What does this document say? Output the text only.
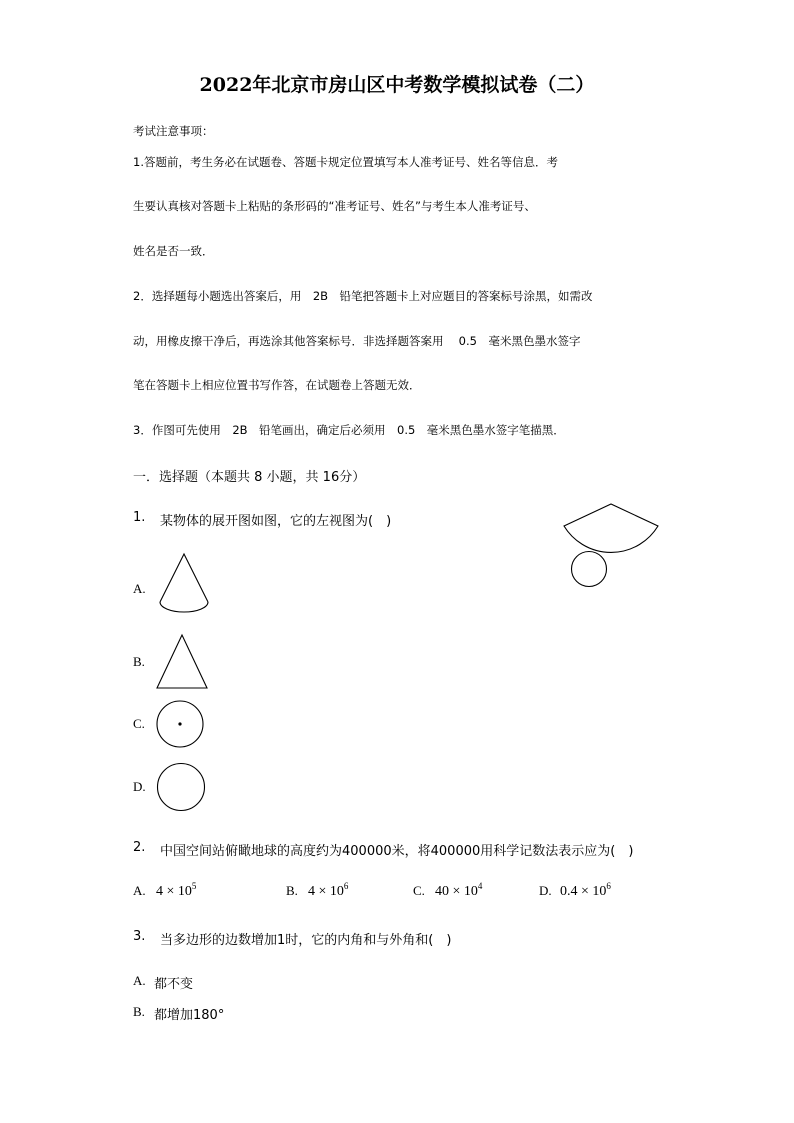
2022年北京市房山区中考数学模拟试卷（二）
考试注意事项：
1.答题前，考生务必在试题卷、答题卡规定位置填写本人准考证号、姓名等信息．考
生要认真核对答题卡上粘贴的条形码的“准考证号、姓名”与考生本人准考证号、
姓名是否一致．
2．选择题每小题选出答案后，用　2B　铅笔把答题卡上对应题目的答案标号涂黑，如需改
动，用橡皮擦干净后，再选涂其他答案标号．非选择题答案用　 0.5　毫米黑色墨水签字
笔在答题卡上相应位置书写作答，在试题卷上答题无效．
3．作图可先使用　2B　铅笔画出，确定后必须用　0.5　毫米黑色墨水签字笔描黑．
一．选择题（本题共 8 小题，共 16分）
1. 某物体的展开图如图，它的左视图为(　)
A.
B.
C.
D.
2. 中国空间站俯瞰地球的高度约为400000米，将400000用科学记数法表示应为(　)
A. $4 \times 10^5$	B. $4 \times 10^6$	C. $40 \times 10^4$	D. $0.4 \times 10^6$
3. 当多边形的边数增加1时，它的内角和与外角和(　)
A. 都不变
B. 都增加180°
